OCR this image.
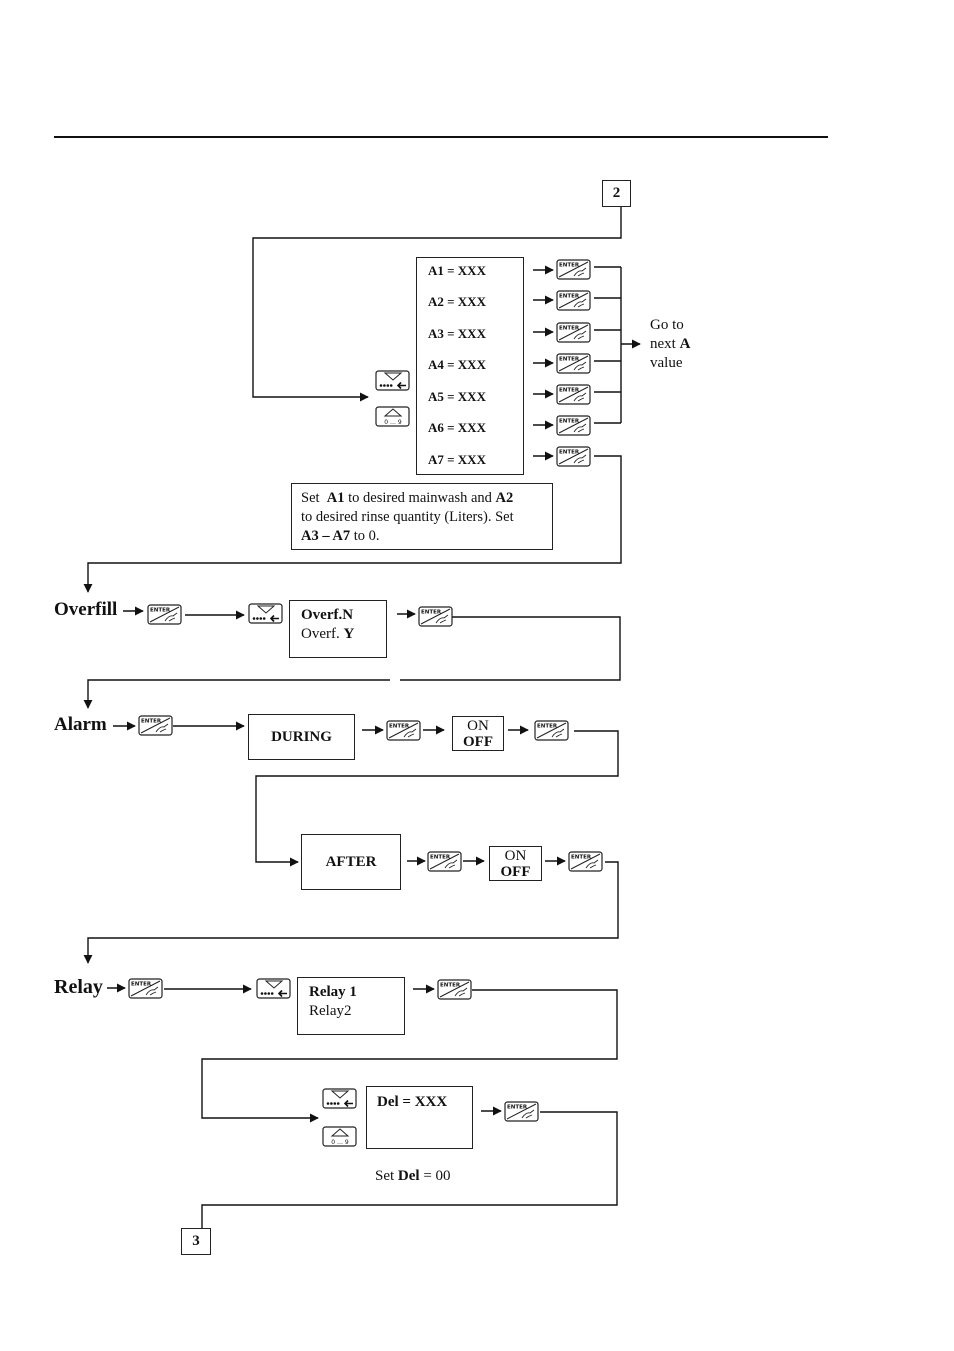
2
3
A1 = XXX
A2 = XXX
A3 = XXX
A4 = XXX
A5 = XXX
A6 = XXX
A7 = XXX
Go to
next A
value
Set  A1 to desired mainwash and A2
to desired rinse quantity (Liters). Set
A3 – A7 to 0.
Overfill	Overf.N
Overf. Y
Alarm
DURING
ON
OFF
AFTER	ON
OFF
Relay	Relay 1
Relay2
Del = XXX
Set Del = 00
ENTER
ENTER
ENTER
ENTER
ENTER
ENTER
ENTER
ENTER	ENTER
ENTER
ENTER	ENTER
ENTER	ENTER
ENTER	ENTER
ENTER
0 … 9
0 … 9
